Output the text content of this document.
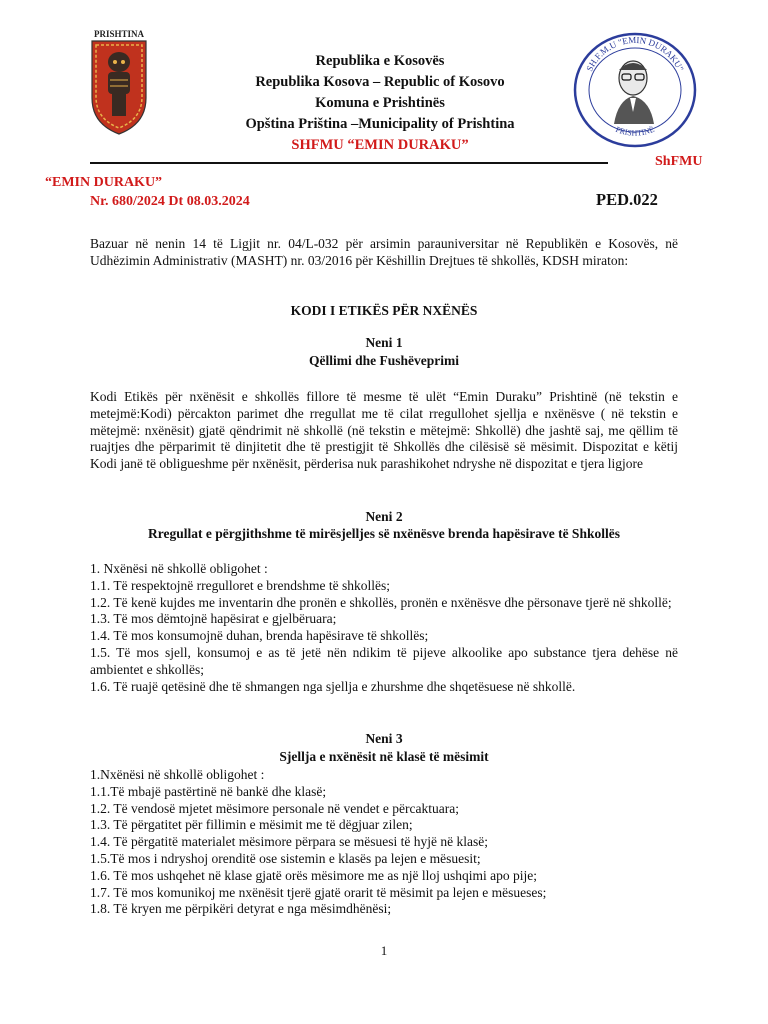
PRISHTINA
Republika e Kosovës
Republika Kosova – Republic of Kosovo
Komuna e Prishtinës
Opština Priština –Municipality of Prishtina
SHFMU “EMIN DURAKU”
SH.F.M.U "EMIN DURAKU"
PRISHTINË
ShFMU
“EMIN DURAKU”
Nr. 680/2024 Dt 08.03.2024	PED.022
Bazuar në nenin 14 të Ligjit nr. 04/L-032 për arsimin parauniversitar në Republikën e Kosovës, në Udhëzimin Administrativ (MASHT) nr. 03/2016 për Këshillin Drejtues të shkollës, KDSH miraton:
KODI I ETIKËS PËR NXËNËS
Neni 1
Qëllimi dhe Fushëveprimi
Kodi Etikës për nxënësit e shkollës fillore të mesme të ulët “Emin Duraku” Prishtinë (në tekstin e metejmë:Kodi) përcakton parimet dhe rregullat me të cilat rregullohet sjellja e nxënësve ( në tekstin e mëtejmë: nxënësit) gjatë qëndrimit në shkollë (në tekstin e mëtejmë: Shkollë) dhe jashtë saj, me qëllim të ruajtjes dhe përparimit të dinjitetit dhe të prestigjit të Shkollës dhe cilësisë së mësimit. Dispozitat e këtij Kodi janë të obligueshme për nxënësit, përderisa nuk parashikohet ndryshe në dispozitat e tjera ligjore
Neni 2
Rregullat e përgjithshme të mirësjelljes së nxënësve brenda hapësirave të Shkollës
1. Nxënësi në shkollë obligohet :
1.1. Të respektojnë rregulloret e brendshme të shkollës;
1.2. Të kenë kujdes me inventarin dhe pronën e shkollës, pronën e nxënësve dhe përsonave tjerë në shkollë;
1.3. Të mos dëmtojnë hapësirat e gjelbëruara;
1.4. Të mos konsumojnë duhan, brenda hapësirave të shkollës;
1.5. Të mos sjell, konsumoj e as të jetë nën ndikim të pijeve alkoolike apo substance tjera dehëse në ambientet e shkollës;
1.6. Të ruajë qetësinë dhe të shmangen nga sjellja e zhurshme dhe shqetësuese në shkollë.
Neni 3
Sjellja e nxënësit në klasë të mësimit
1.Nxënësi në shkollë obligohet :
1.1.Të mbajë pastërtinë në bankë dhe klasë;
1.2. Të vendosë mjetet mësimore personale në vendet e përcaktuara;
1.3. Të përgatitet për fillimin e mësimit me të dëgjuar zilen;
1.4. Të përgatitë materialet mësimore përpara se mësuesi të hyjë në klasë;
1.5.Të mos i ndryshoj orenditë ose sistemin e klasës pa lejen e mësuesit;
1.6. Të mos ushqehet në klase gjatë orës mësimore me as një lloj ushqimi apo pije;
1.7. Të mos komunikoj me nxënësit tjerë gjatë orarit të mësimit pa lejen e mësueses;
1.8. Të kryen me përpikëri detyrat e nga mësimdhënësi;
1
